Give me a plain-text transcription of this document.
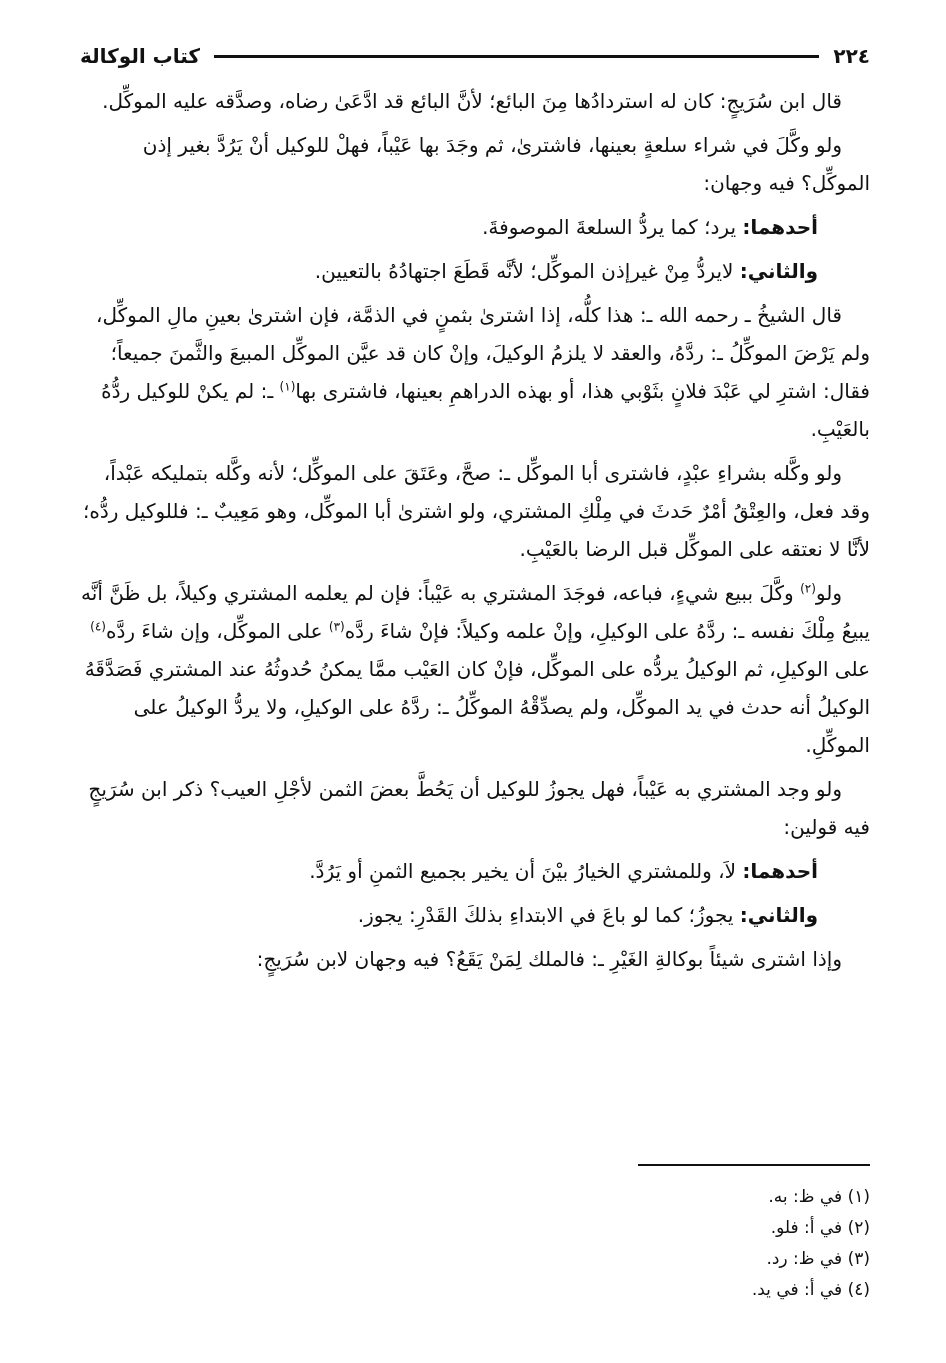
٢٢٤
كتاب الوكالة

قال ابن سُرَيجٍ: كان له استردادُها مِنَ البائع؛ لأنَّ البائع قد ادَّعَىٰ رضاه، وصدَّقه عليه الموكِّل.

ولو وكَّلَ في شراء سلعةٍ بعينها، فاشترىٰ، ثم وجَدَ بها عَيْباً، فهلْ للوكيل أنْ يَرُدَّ بغير إذن الموكِّل؟ فيه وجهان:

أحدهما: يرد؛ كما يردُّ السلعةَ الموصوفةَ.

والثاني: لايردُّ مِنْ غيرإذن الموكِّل؛ لأنَّه قَطَعَ اجتهادُهُ بالتعيين.

قال الشيخُ ـ رحمه الله ـ: هذا كلُّه، إذا اشترىٰ بثمنٍ في الذمَّة، فإن اشترىٰ بعينِ مالِ الموكِّل، ولم يَرْضَ الموكِّلُ ـ: ردَّهُ، والعقد لا يلزمُ الوكيلَ، وإنْ كان قد عيَّن الموكِّل المبيعَ والثَّمنَ جميعاً؛ فقال: اشترِ لي عَبْدَ فلانٍ بثَوْبي هذا، أو بهذه الدراهمِ بعينها، فاشترى بها$^{(١)}$ ـ: لم يكنْ للوكيل ردُّهُ بالعَيْبِ.

ولو وكَّله بشراءِ عبْدٍ، فاشترى أبا الموكِّل ـ: صحَّ، وعَتَقَ على الموكِّل؛ لأنه وكَّله بتمليكه عَبْداً، وقد فعل، والعِتْقُ أمْرٌ حَدثَ في مِلْكِ المشتري، ولو اشترىٰ أبا الموكِّل، وهو مَعِيبٌ ـ: فللوكيل ردُّه؛ لأنَّا لا نعتقه على الموكِّل قبل الرضا بالعَيْبِ.

ولو$^{(٢)}$ وكَّلَ ببيع شيءٍ، فباعه، فوجَدَ المشتري به عَيْباً: فإن لم يعلمه المشتري وكيلاً، بل ظَنَّ أنَّه يبيعُ مِلْكَ نفسه ـ: ردَّهُ على الوكيلِ، وإنْ علمه وكيلاً: فإنْ شاءَ ردَّه$^{(٣)}$ على الموكِّل، وإن شاءَ ردَّه$^{(٤)}$ على الوكيلِ، ثم الوكيلُ يردُّه على الموكِّل، فإنْ كان العَيْب ممَّا يمكنُ حُدوثُهُ عند المشتري فَصَدَّقَهُ الوكيلُ أنه حدث في يد الموكِّل، ولم يصدِّقْهُ الموكِّلُ ـ: ردَّهُ على الوكيلِ، ولا يردُّ الوكيلُ على الموكِّلِ.

ولو وجد المشتري به عَيْباً، فهل يجوزُ للوكيل أن يَحُطَّ بعضَ الثمن لأجْلِ العيب؟ ذكر ابن سُرَيجٍ فيه قولين:

أحدهما: لاَ، وللمشتري الخيارُ بيْنَ أن يخير بجميع الثمنِ أو يَرُدَّ.

والثاني: يجوزُ؛ كما لو باعَ في الابتداءِ بذلكَ القَدْرِ: يجوز.

وإذا اشترى شيئاً بوكالةِ الغَيْرِ ـ: فالملك لِمَنْ يَقَعُ؟ فيه وجهان لابن سُرَيجٍ:

(١) في ظ: به.

(٢) في أ: فلو.

(٣) في ظ: رد.

(٤) في أ: في يد.
